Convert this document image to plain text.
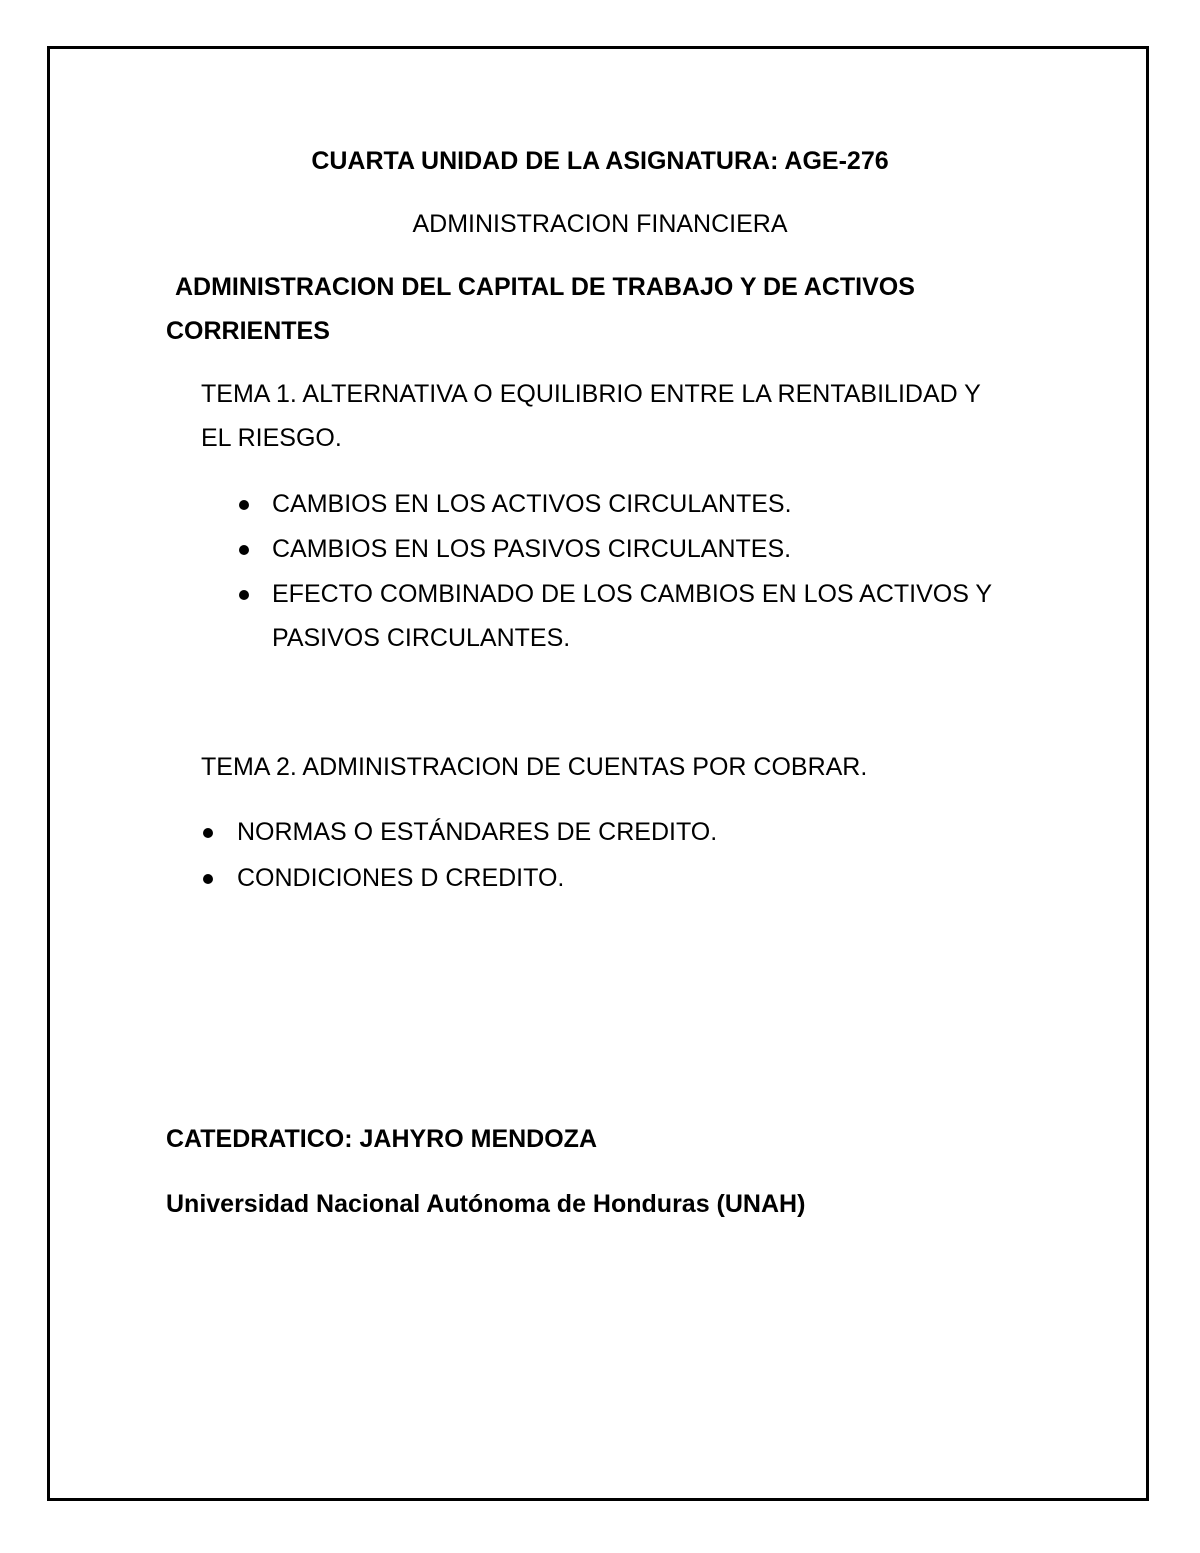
CUARTA UNIDAD DE LA ASIGNATURA: AGE-276
ADMINISTRACION FINANCIERA
ADMINISTRACION DEL CAPITAL DE TRABAJO Y DE ACTIVOS
CORRIENTES
TEMA 1. ALTERNATIVA O EQUILIBRIO ENTRE LA RENTABILIDAD Y
EL RIESGO.
CAMBIOS EN LOS ACTIVOS CIRCULANTES.
CAMBIOS EN LOS PASIVOS CIRCULANTES.
EFECTO COMBINADO DE LOS CAMBIOS EN LOS ACTIVOS Y
PASIVOS CIRCULANTES.
TEMA 2. ADMINISTRACION DE CUENTAS POR COBRAR.
NORMAS O ESTÁNDARES DE CREDITO.
CONDICIONES D CREDITO.
CATEDRATICO: JAHYRO MENDOZA
Universidad Nacional Autónoma de Honduras (UNAH)
